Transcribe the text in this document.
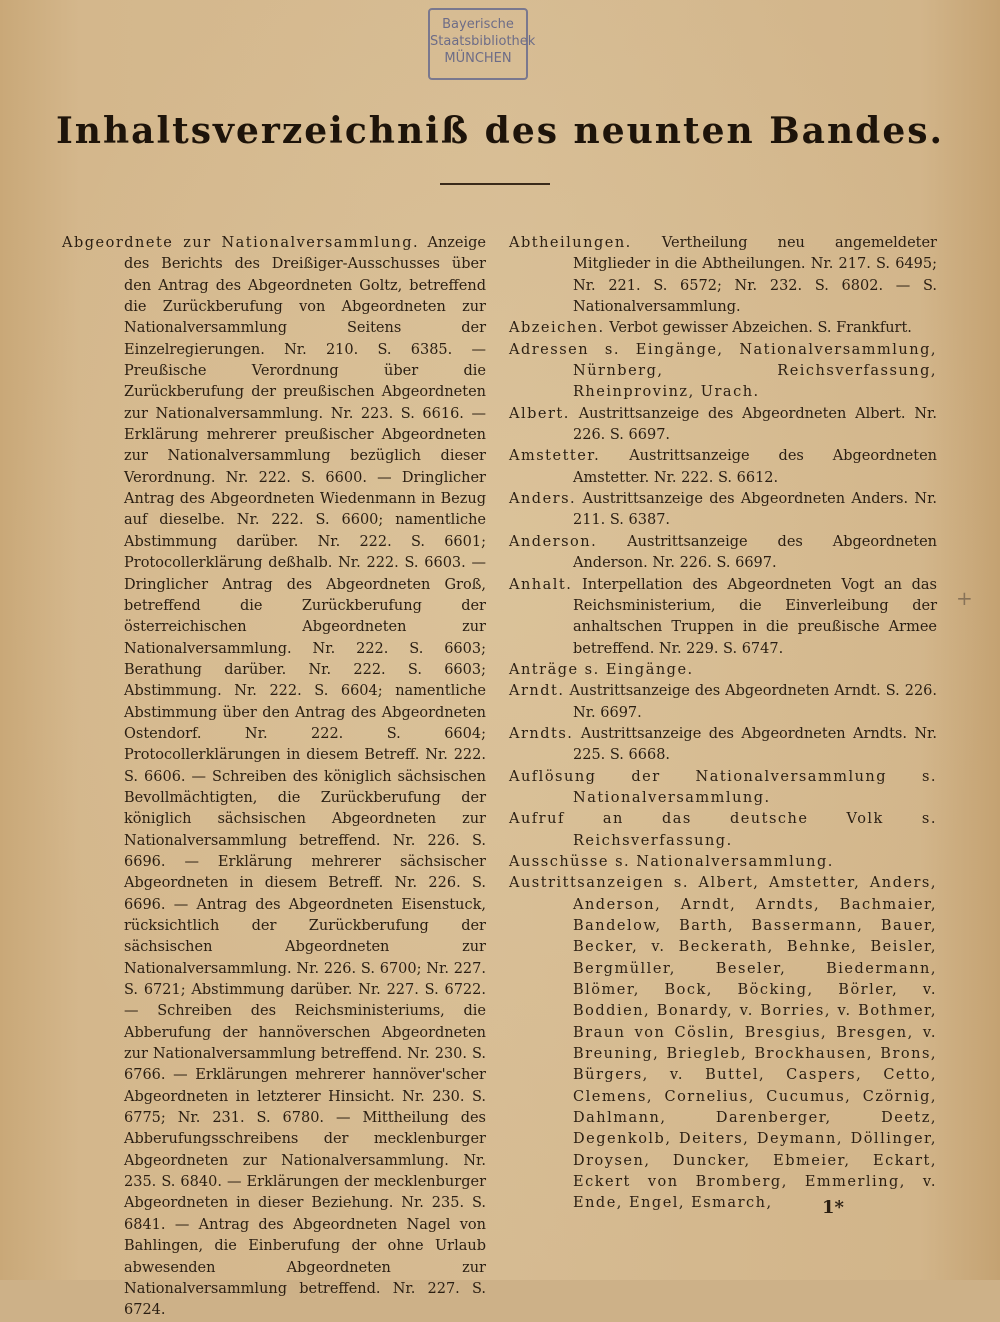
Bayerische
Staatsbibliothek
MÜNCHEN
Inhaltsverzeichniß des neunten Bandes.
Abgeordnete zur Nationalversammlung. Anzeige des Berichts des Dreißiger-Ausschusses über den Antrag des Abgeordneten Goltz, betreffend die Zurückberufung von Abgeordneten zur Nationalversammlung Seitens der Einzelregierungen. Nr. 210. S. 6385. — Preußische Verordnung über die Zurückberufung der preußischen Abgeordneten zur Nationalversammlung. Nr. 223. S. 6616. — Erklärung mehrerer preußischer Abgeordneten zur Nationalversammlung bezüglich dieser Verordnung. Nr. 222. S. 6600. — Dringlicher Antrag des Abgeordneten Wiedenmann in Bezug auf dieselbe. Nr. 222. S. 6600; namentliche Abstimmung darüber. Nr. 222. S. 6601; Protocollerklärung deßhalb. Nr. 222. S. 6603. — Dringlicher Antrag des Abgeordneten Groß, betreffend die Zurückberufung der österreichischen Abgeordneten zur Nationalversammlung. Nr. 222. S. 6603; Berathung darüber. Nr. 222. S. 6603; Abstimmung. Nr. 222. S. 6604; namentliche Abstimmung über den Antrag des Abgeordneten Ostendorf. Nr. 222. S. 6604; Protocollerklärungen in diesem Betreff. Nr. 222. S. 6606. — Schreiben des königlich sächsischen Bevollmächtigten, die Zurückberufung der königlich sächsischen Abgeordneten zur Nationalversammlung betreffend. Nr. 226. S. 6696. — Erklärung mehrerer sächsischer Abgeordneten in diesem Betreff. Nr. 226. S. 6696. — Antrag des Abgeordneten Eisenstuck, rücksichtlich der Zurückberufung der sächsischen Abgeordneten zur Nationalversammlung. Nr. 226. S. 6700; Nr. 227. S. 6721; Abstimmung darüber. Nr. 227. S. 6722. — Schreiben des Reichsministeriums, die Abberufung der hannöverschen Abgeordneten zur Nationalversammlung betreffend. Nr. 230. S. 6766. — Erklärungen mehrerer hannöver'scher Abgeordneten in letzterer Hinsicht. Nr. 230. S. 6775; Nr. 231. S. 6780. — Mittheilung des Abberufungsschreibens der mecklenburger Abgeordneten zur Nationalversammlung. Nr. 235. S. 6840. — Erklärungen der mecklenburger Abgeordneten in dieser Beziehung. Nr. 235. S. 6841. — Antrag des Abgeordneten Nagel von Bahlingen, die Einberufung der ohne Urlaub abwesenden Abgeordneten zur Nationalversammlung betreffend. Nr. 227. S. 6724.
Abtheilungen. Vertheilung neu angemeldeter Mitglieder in die Abtheilungen. Nr. 217. S. 6495; Nr. 221. S. 6572; Nr. 232. S. 6802. — S. Nationalversammlung.
Abzeichen. Verbot gewisser Abzeichen. S. Frankfurt.
Adressen s. Eingänge, Nationalversammlung, Nürnberg, Reichsverfassung, Rheinprovinz, Urach.
Albert. Austrittsanzeige des Abgeordneten Albert. Nr. 226. S. 6697.
Amstetter. Austrittsanzeige des Abgeordneten Amstetter. Nr. 222. S. 6612.
Anders. Austrittsanzeige des Abgeordneten Anders. Nr. 211. S. 6387.
Anderson. Austrittsanzeige des Abgeordneten Anderson. Nr. 226. S. 6697.
Anhalt. Interpellation des Abgeordneten Vogt an das Reichsministerium, die Einverleibung der anhaltschen Truppen in die preußische Armee betreffend. Nr. 229. S. 6747.
Anträge s. Eingänge.
Arndt. Austrittsanzeige des Abgeordneten Arndt. S. 226. Nr. 6697.
Arndts. Austrittsanzeige des Abgeordneten Arndts. Nr. 225. S. 6668.
Auflösung der Nationalversammlung s. Nationalversammlung.
Aufruf an das deutsche Volk s. Reichsverfassung.
Ausschüsse s. Nationalversammlung.
Austrittsanzeigen s. Albert, Amstetter, Anders, Anderson, Arndt, Arndts, Bachmaier, Bandelow, Barth, Bassermann, Bauer, Becker, v. Beckerath, Behnke, Beisler, Bergmüller, Beseler, Biedermann, Blömer, Bock, Böcking, Börler, v. Boddien, Bonardy, v. Borries, v. Bothmer, Braun von Cöslin, Bresgius, Bresgen, v. Breuning, Briegleb, Brockhausen, Brons, Bürgers, v. Buttel, Caspers, Cetto, Clemens, Cornelius, Cucumus, Czörnig, Dahlmann, Darenberger, Deetz, Degenkolb, Deiters, Deymann, Döllinger, Droysen, Duncker, Ebmeier, Eckart, Eckert von Bromberg, Emmerling, v. Ende, Engel, Esmarch,
+
1*
